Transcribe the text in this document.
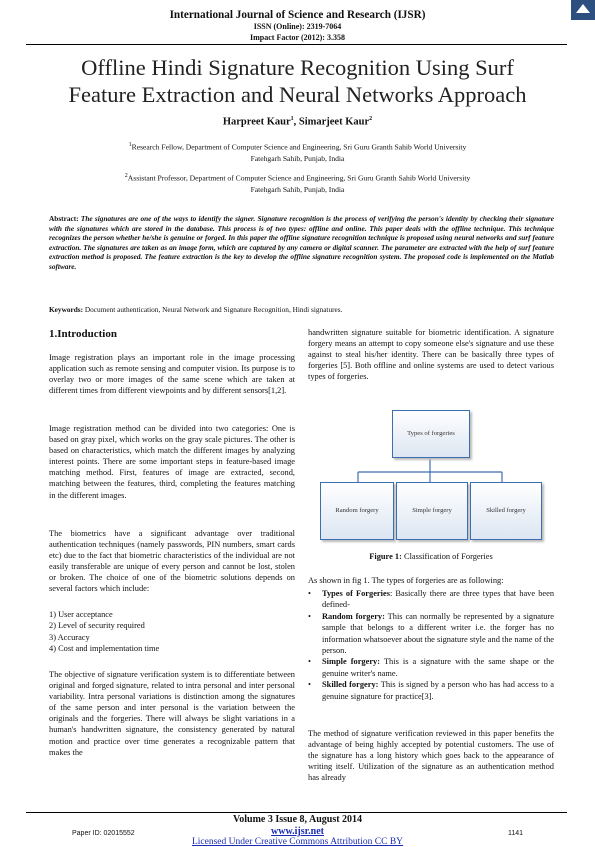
International Journal of Science and Research (IJSR)
ISSN (Online): 2319-7064
Impact Factor (2012): 3.358
Offline Hindi Signature Recognition Using Surf
Feature Extraction and Neural Networks Approach
Harpreet Kaur$^1$, Simarjeet Kaur$^2$
$^1$Research Fellow, Department of Computer Science and Engineering, Sri Guru Granth Sahib World University
Fatehgarh Sahib, Punjab, India
$^2$Assistant Professor, Department of Computer Science and Engineering, Sri Guru Granth Sahib World University
Fatehgarh Sahib, Punjab, India
Abstract: The signatures are one of the ways to identify the signer. Signature recognition is the process of verifying the person's identity by checking their signature with the signatures which are stored in the database. This process is of two types: offline and online. This paper deals with the offline technique. This technique recognizes the person whether he/she is genuine or forged. In this paper the offline signature recognition technique is proposed using neural networks and surf feature extraction. The signatures are taken as an image form, which are captured by any camera or digital scanner. The parameter are extracted with the help of surf feature extraction method is proposed. The feature extraction is the key to develop the offline signature recognition system. The proposed code is implemented on the Matlab software.
Keywords: Document authentication, Neural Network and Signature Recognition, Hindi signatures.
1.Introduction
Image registration plays an important role in the image processing application such as remote sensing and computer vision. Its purpose is to overlay two or more images of the same scene which are taken at different times from different viewpoints and by different sensors[1,2].
Image registration method can be divided into two categories: One is based on gray pixel, which works on the gray scale pictures. The other is based on characteristics, which match the different images by analyzing interest points. There are some important steps in feature-based image matching method. First, features of image are extracted, second, matching between the features, third, completing the features matching in the different images.
The biometrics have a significant advantage over traditional authentication techniques (namely passwords, PIN numbers, smart cards etc) due to the fact that biometric characteristics of the individual are not easily transferable are unique of every person and cannot be lost, stolen or broken. The choice of one of the biometric solutions depends on several factors which include:
1) User acceptance
2) Level of security required
3) Accuracy
4) Cost and implementation time
The objective of signature verification system is to differentiate between original and forged signature, related to intra personal and inter personal variability. Intra personal variations is distinction among the signatures of the same person and inter personal is the variation between the originals and the forgeries. There will always be slight variations in a human's handwritten signature, the consistency generated by natural motion and practice over time generates a recognizable pattern that makes the
handwritten signature suitable for biometric identification. A signature forgery means an attempt to copy someone else's signature and use these against to steal his/her identity. There can be basically three types of forgeries [5]. Both offline and online systems are used to detect various types of forgeries.
Types of forgeries
Random forgery	Simple forgery	Skilled forgery
Figure 1: Classification of Forgeries
As shown in fig 1. The types of forgeries are as following:
• Types of Forgeries: Basically there are three types that have been defined-
• Random forgery: This can normally be represented by a signature sample that belongs to a different writer i.e. the forger has no information whatsoever about the signature style and the name of the person.
• Simple forgery: This is a signature with the same shape or the genuine writer's name.
• Skilled forgery: This is signed by a person who has had access to a genuine signature for practice[3].
The method of signature verification reviewed in this paper benefits the advantage of being highly accepted by potential customers. The use of the signature has a long history which goes back to the appearance of writing itself. Utilization of the signature as an authentication method has already
Volume 3 Issue 8, August 2014
www.ijsr.net
Licensed Under Creative Commons Attribution CC BY
Paper ID: 02015552	1141
